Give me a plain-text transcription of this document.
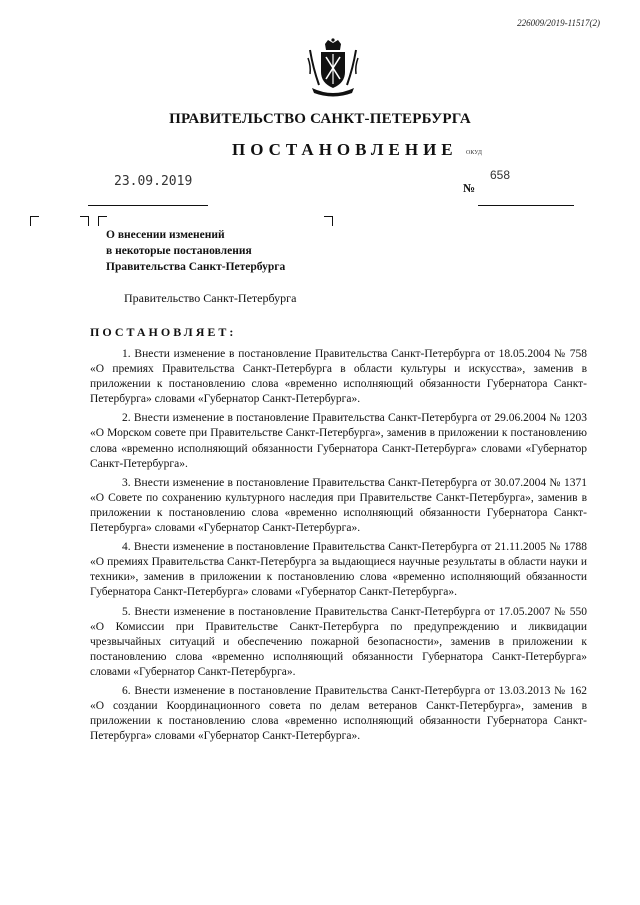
226009/2019-11517(2)
ПРАВИТЕЛЬСТВО САНКТ-ПЕТЕРБУРГА
ПОСТАНОВЛЕНИЕ ОКУД
23.09.2019	№
658
О внесении изменений
в некоторые постановления
Правительства Санкт-Петербурга
Правительство Санкт-Петербурга
ПОСТАНОВЛЯЕТ:

1. Внести изменение в постановление Правительства Санкт-Петербурга от 18.05.2004 № 758 «О премиях Правительства Санкт-Петербурга в области культуры и искусства», заменив в приложении к постановлению слова «временно исполняющий обязанности Губернатора Санкт-Петербурга» словами «Губернатор Санкт-Петербурга».

2. Внести изменение в постановление Правительства Санкт-Петербурга от 29.06.2004 № 1203 «О Морском совете при Правительстве Санкт-Петербурга», заменив в приложении к постановлению слова «временно исполняющий обязанности Губернатора Санкт-Петербурга» словами «Губернатор Санкт-Петербурга».

3. Внести изменение в постановление Правительства Санкт-Петербурга от 30.07.2004 № 1371 «О Совете по сохранению культурного наследия при Правительстве Санкт-Петербурга», заменив в приложении к постановлению слова «временно исполняющий обязанности Губернатора Санкт-Петербурга» словами «Губернатор Санкт-Петербурга».

4. Внести изменение в постановление Правительства Санкт-Петербурга от 21.11.2005 № 1788 «О премиях Правительства Санкт-Петербурга за выдающиеся научные результаты в области науки и техники», заменив в приложении к постановлению слова «временно исполняющий обязанности Губернатора Санкт-Петербурга» словами «Губернатор Санкт-Петербурга».

5. Внести изменение в постановление Правительства Санкт-Петербурга от 17.05.2007 № 550 «О Комиссии при Правительстве Санкт-Петербурга по предупреждению и ликвидации чрезвычайных ситуаций и обеспечению пожарной безопасности», заменив в приложении к постановлению слова «временно исполняющий обязанности Губернатора Санкт-Петербурга» словами «Губернатор Санкт-Петербурга».

6. Внести изменение в постановление Правительства Санкт-Петербурга от 13.03.2013 № 162 «О создании Координационного совета по делам ветеранов Санкт-Петербурга», заменив в приложении к постановлению слова «временно исполняющий обязанности Губернатора Санкт-Петербурга» словами «Губернатор Санкт-Петербурга».
